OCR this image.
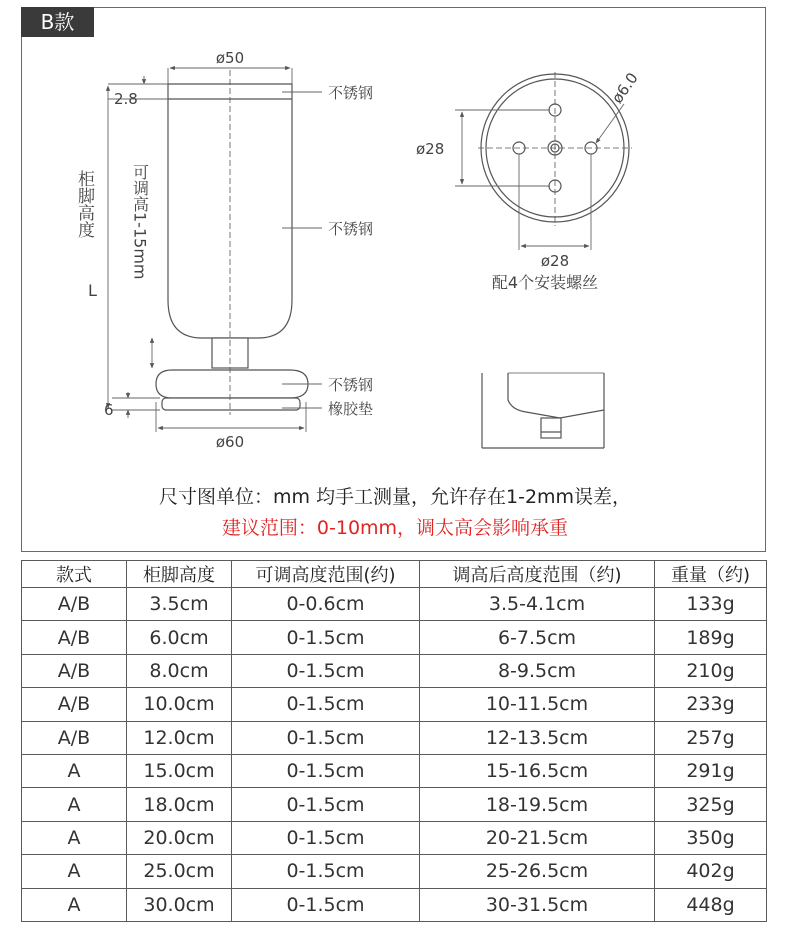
B款
ø50
ø60
2.8
6
不锈钢
不锈钢
不锈钢
橡胶垫
柜脚高度
L
可调高1-15mm
ø28
ø28
ø6.0
配4个安装螺丝
尺寸图单位：mm 均手工测量，允许存在1-2mm误差，
建议范围：0-10mm，调太高会影响承重
款式	柜脚高度	可调高度范围(约)	调高后高度范围（约)	重量（约)
A/B	3.5cm	0-0.6cm	3.5-4.1cm	133g
A/B	6.0cm	0-1.5cm	6-7.5cm	189g
A/B	8.0cm	0-1.5cm	8-9.5cm	210g
A/B	10.0cm	0-1.5cm	10-11.5cm	233g
A/B	12.0cm	0-1.5cm	12-13.5cm	257g
A	15.0cm	0-1.5cm	15-16.5cm	291g
A	18.0cm	0-1.5cm	18-19.5cm	325g
A	20.0cm	0-1.5cm	20-21.5cm	350g
A	25.0cm	0-1.5cm	25-26.5cm	402g
A	30.0cm	0-1.5cm	30-31.5cm	448g
